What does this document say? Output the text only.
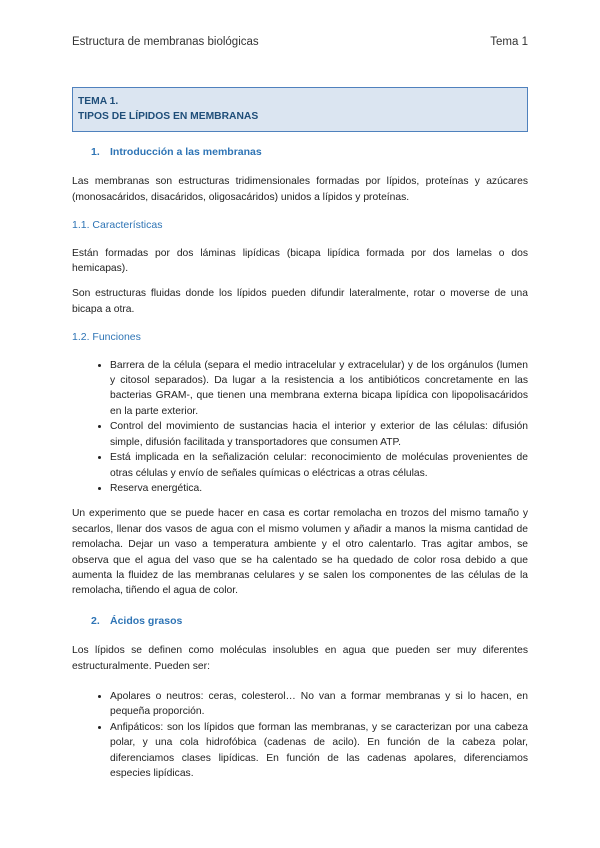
Estructura de membranas biológicas	Tema 1
TEMA 1.
TIPOS DE LÍPIDOS EN MEMBRANAS
1. Introducción a las membranas

Las membranas son estructuras tridimensionales formadas por lípidos, proteínas y azúcares (monosacáridos, disacáridos, oligosacáridos) unidos a lípidos y proteínas.

1.1. Características

Están formadas por dos láminas lipídicas (bicapa lipídica formada por dos lamelas o dos hemicapas).

Son estructuras fluidas donde los lípidos pueden difundir lateralmente, rotar o moverse de una bicapa a otra.

1.2. Funciones
• Barrera de la célula (separa el medio intracelular y extracelular) y de los orgánulos (lumen y citosol separados). Da lugar a la resistencia a los antibióticos concretamente en las bacterias GRAM-, que tienen una membrana externa bicapa lipídica con lipopolisacáridos en la parte exterior.
• Control del movimiento de sustancias hacia el interior y exterior de las células: difusión simple, difusión facilitada y transportadores que consumen ATP.
• Está implicada en la señalización celular: reconocimiento de moléculas provenientes de otras células y envío de señales químicas o eléctricas a otras células.
• Reserva energética.

Un experimento que se puede hacer en casa es cortar remolacha en trozos del mismo tamaño y secarlos, llenar dos vasos de agua con el mismo volumen y añadir a manos la misma cantidad de remolacha. Dejar un vaso a temperatura ambiente y el otro calentarlo. Tras agitar ambos, se observa que el agua del vaso que se ha calentado se ha quedado de color rosa debido a que aumenta la fluidez de las membranas celulares y se salen los componentes de las células de la remolacha, tiñendo el agua de color.

2. Ácidos grasos

Los lípidos se definen como moléculas insolubles en agua que pueden ser muy diferentes estructuralmente. Pueden ser:

• Apolares o neutros: ceras, colesterol… No van a formar membranas y si lo hacen, en pequeña proporción.
• Anfipáticos: son los lípidos que forman las membranas, y se caracterizan por una cabeza polar, y una cola hidrofóbica (cadenas de acilo). En función de la cabeza polar, diferenciamos clases lipídicas. En función de las cadenas apolares, diferenciamos especies lipídicas.
